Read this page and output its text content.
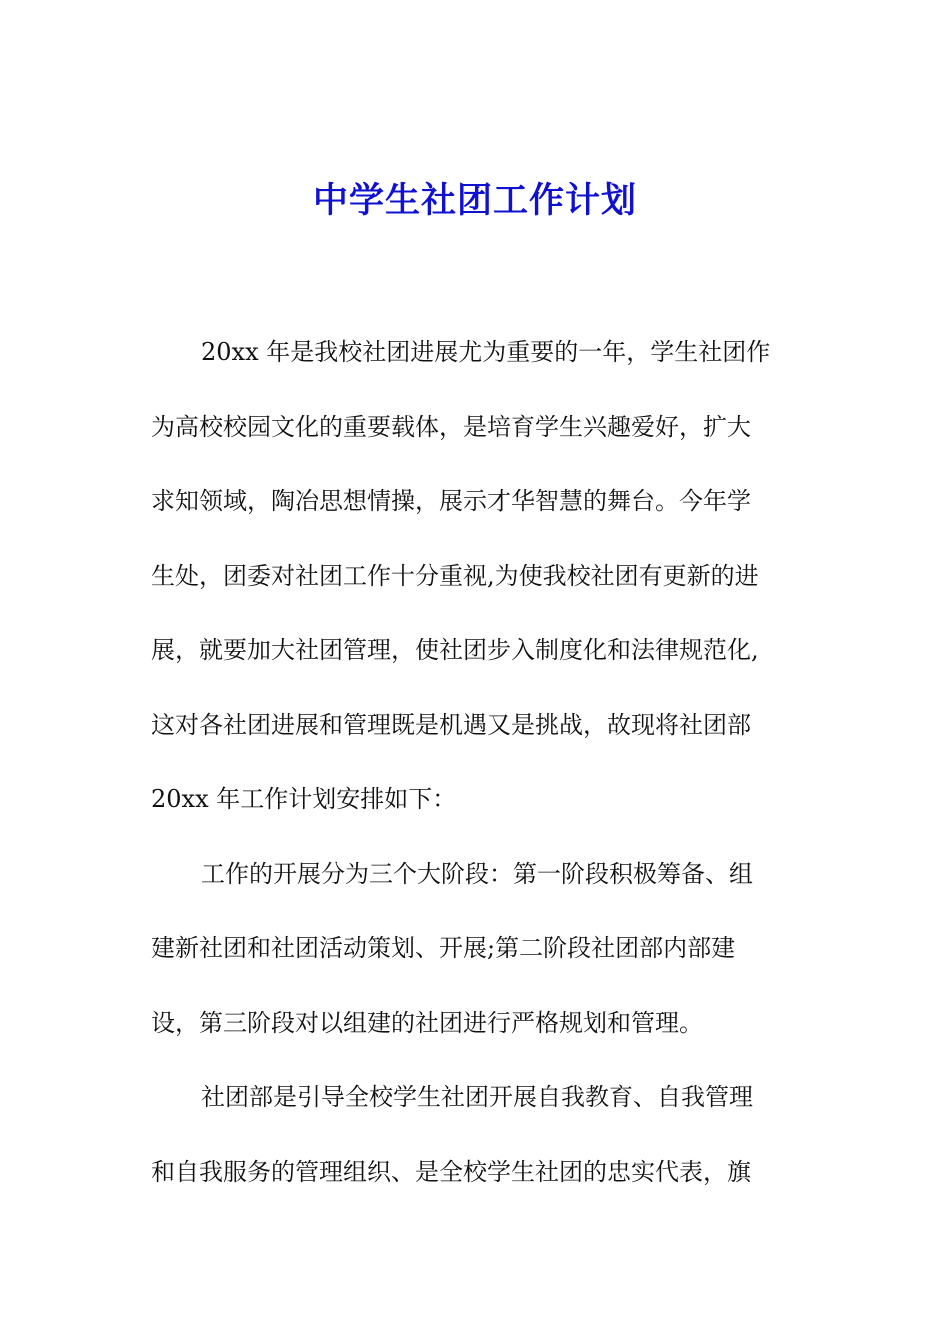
中学生社团工作计划
20xx 年是我校社团进展尤为重要的一年，学生社团作
为高校校园文化的重要载体，是培育学生兴趣爱好，扩大
求知领域，陶冶思想情操，展示才华智慧的舞台。今年学
生处，团委对社团工作十分重视,为使我校社团有更新的进
展，就要加大社团管理，使社团步入制度化和法律规范化,
这对各社团进展和管理既是机遇又是挑战，故现将社团部
20xx 年工作计划安排如下：
工作的开展分为三个大阶段：第一阶段积极筹备、组
建新社团和社团活动策划、开展;第二阶段社团部内部建
设，第三阶段对以组建的社团进行严格规划和管理。
社团部是引导全校学生社团开展自我教育、自我管理
和自我服务的管理组织、是全校学生社团的忠实代表，旗
